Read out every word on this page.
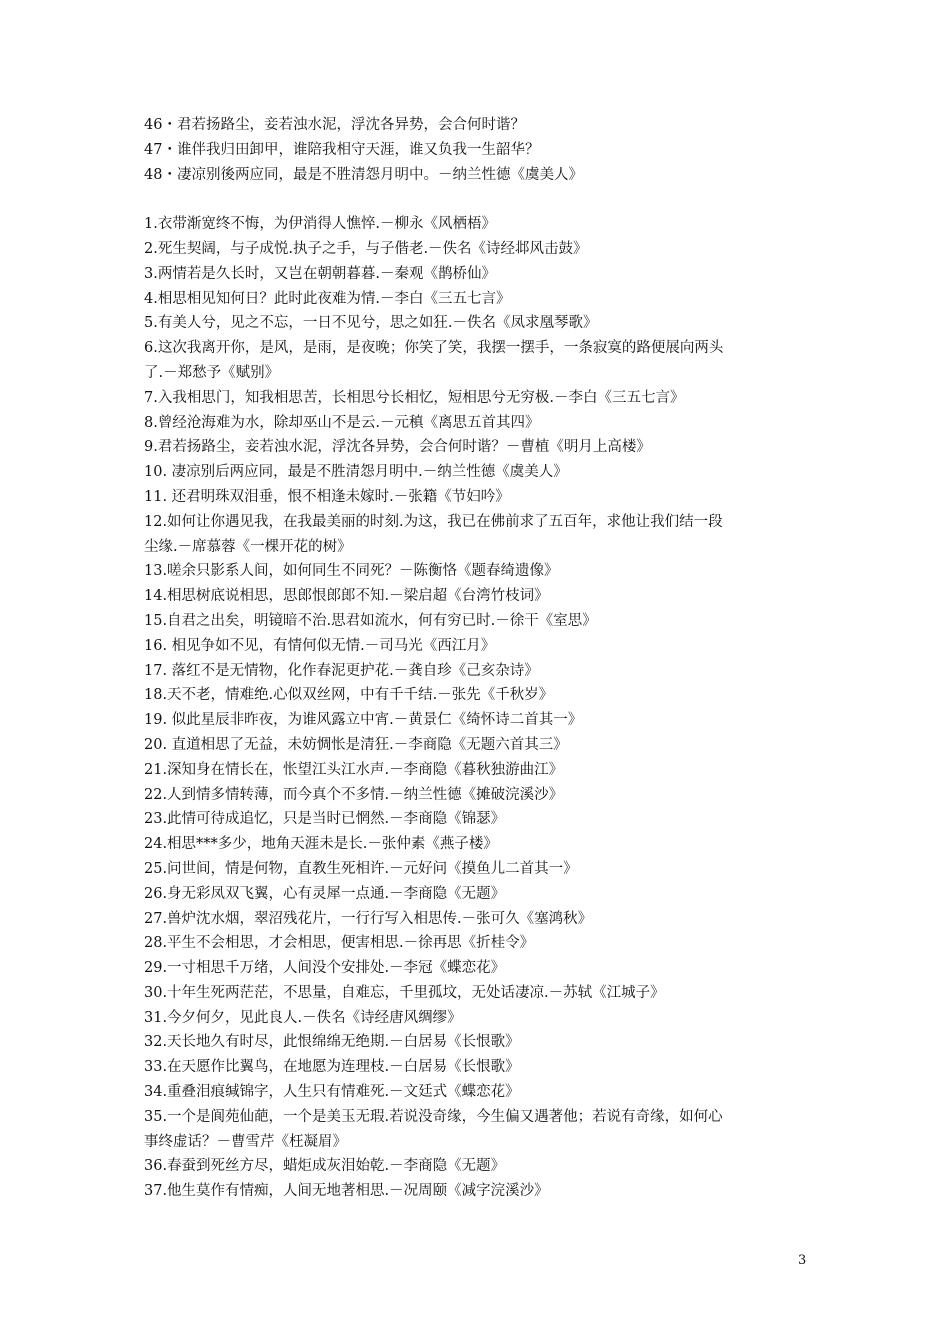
46・君若扬路尘，妾若浊水泥，浮沈各异势，会合何时谐？
47・谁伴我归田卸甲，谁陪我相守天涯，谁又负我一生韶华？
48・凄凉别後两应同，最是不胜清怨月明中。－纳兰性德《虞美人》
1.衣带渐宽终不悔，为伊消得人憔悴.－柳永《风栖梧》
2.死生契阔，与子成悦.执子之手，与子偕老.－佚名《诗经邶风击鼓》
3.两情若是久长时，又岂在朝朝暮暮.－秦观《鹊桥仙》
4.相思相见知何日？此时此夜难为情.－李白《三五七言》
5.有美人兮，见之不忘，一日不见兮，思之如狂.－佚名《凤求凰琴歌》
6.这次我离开你，是风，是雨，是夜晚；你笑了笑，我摆一摆手，一条寂寞的路便展向两头
了.－郑愁予《赋别》
7.入我相思门，知我相思苦，长相思兮长相忆，短相思兮无穷极.－李白《三五七言》
8.曾经沧海难为水，除却巫山不是云.－元稹《离思五首其四》
9.君若扬路尘，妾若浊水泥，浮沈各异势，会合何时谐？－曹植《明月上高楼》
10. 凄凉别后两应同，最是不胜清怨月明中.－纳兰性德《虞美人》
11. 还君明珠双泪垂，恨不相逢未嫁时.－张籍《节妇吟》
12.如何让你遇见我，在我最美丽的时刻.为这，我已在佛前求了五百年，求他让我们结一段
尘缘.－席慕蓉《一棵开花的树》
13.嗟余只影系人间，如何同生不同死？－陈衡恪《题春绮遗像》
14.相思树底说相思，思郎恨郎郎不知.－梁启超《台湾竹枝词》
15.自君之出矣，明镜暗不治.思君如流水，何有穷已时.－徐干《室思》
16. 相见争如不见，有情何似无情.－司马光《西江月》
17. 落红不是无情物，化作春泥更护花.－龚自珍《己亥杂诗》
18.天不老，情难绝.心似双丝网，中有千千结.－张先《千秋岁》
19. 似此星辰非昨夜，为谁风露立中宵.－黄景仁《绮怀诗二首其一》
20. 直道相思了无益，未妨惆怅是清狂.－李商隐《无题六首其三》
21.深知身在情长在，怅望江头江水声.－李商隐《暮秋独游曲江》
22.人到情多情转薄，而今真个不多情.－纳兰性德《摊破浣溪沙》
23.此情可待成追忆，只是当时已惘然.－李商隐《锦瑟》
24.相思***多少，地角天涯未是长.－张仲素《燕子楼》
25.问世间，情是何物，直教生死相许.－元好问《摸鱼儿二首其一》
26.身无彩凤双飞翼，心有灵犀一点通.－李商隐《无题》
27.兽炉沈水烟，翠沼残花片，一行行写入相思传.－张可久《塞鸿秋》
28.平生不会相思，才会相思，便害相思.－徐再思《折桂令》
29.一寸相思千万绪，人间没个安排处.－李冠《蝶恋花》
30.十年生死两茫茫，不思量，自难忘，千里孤坟，无处话凄凉.－苏轼《江城子》
31.今夕何夕，见此良人.－佚名《诗经唐风绸缪》
32.天长地久有时尽，此恨绵绵无绝期.－白居易《长恨歌》
33.在天愿作比翼鸟，在地愿为连理枝.－白居易《长恨歌》
34.重叠泪痕缄锦字，人生只有情难死.－文廷式《蝶恋花》
35.一个是阆苑仙葩，一个是美玉无瑕.若说没奇缘，今生偏又遇著他；若说有奇缘，如何心
事终虚话？－曹雪芹《枉凝眉》
36.春蚕到死丝方尽，蜡炬成灰泪始乾.－李商隐《无题》
37.他生莫作有情痴，人间无地著相思.－况周颐《减字浣溪沙》
3
